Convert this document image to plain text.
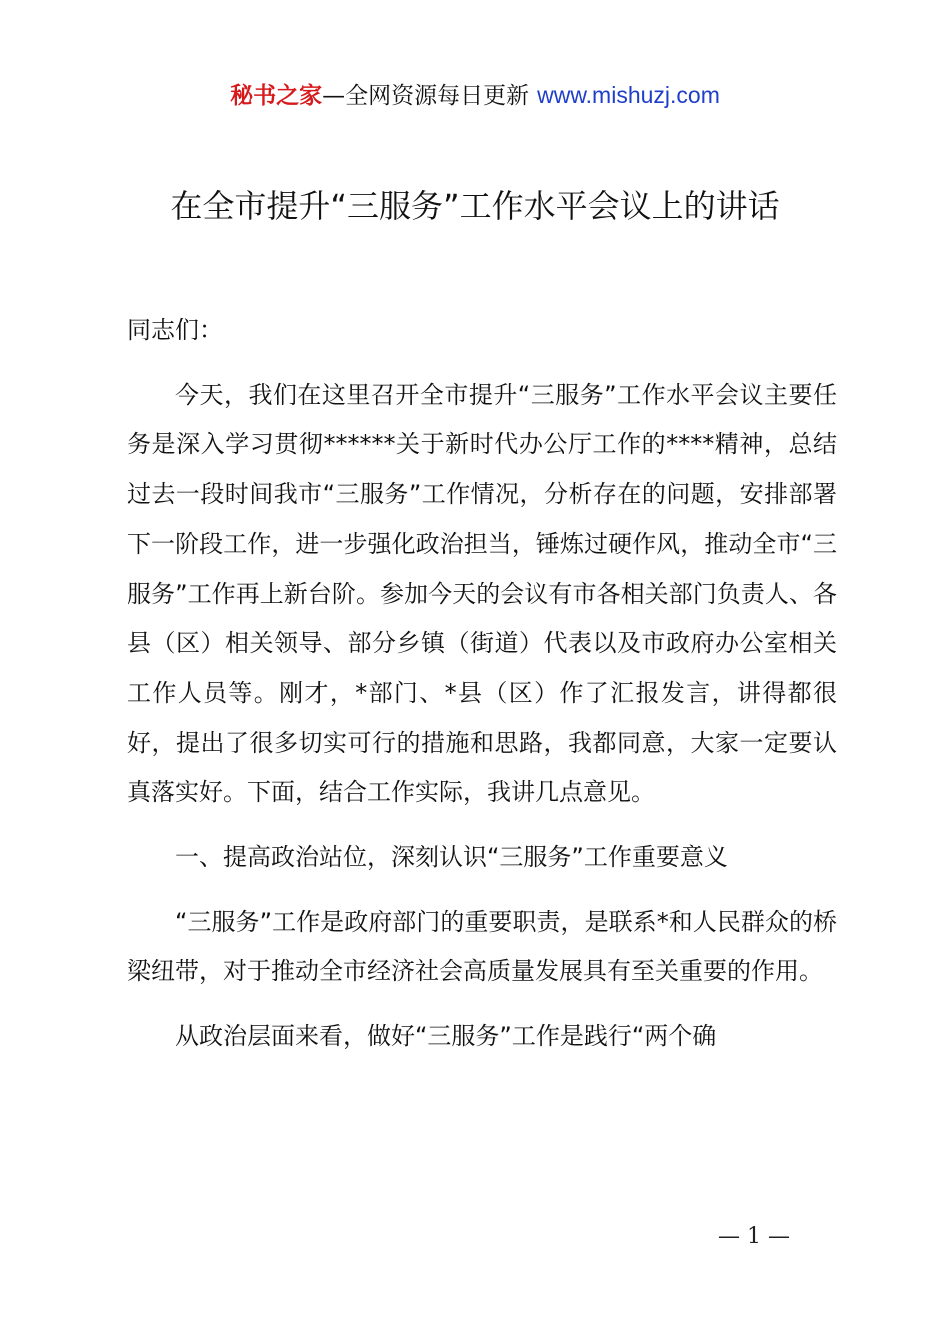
秘书之家—全网资源每日更新 www.mishuzj.com
在全市提升“三服务”工作水平会议上的讲话

同志们：

今天，我们在这里召开全市提升“三服务”工作水平会议主要任务是深入学习贯彻******关于新时代办公厅工作的****精神，总结过去一段时间我市“三服务”工作情况，分析存在的问题，安排部署下一阶段工作，进一步强化政治担当，锤炼过硬作风，推动全市“三服务”工作再上新台阶。参加今天的会议有市各相关部门负责人、各县（区）相关领导、部分乡镇（街道）代表以及市政府办公室相关工作人员等。刚才，*部门、*县（区）作了汇报发言，讲得都很好，提出了很多切实可行的措施和思路，我都同意，大家一定要认真落实好。下面，结合工作实际，我讲几点意见。

一、提高政治站位，深刻认识“三服务”工作重要意义

“三服务”工作是政府部门的重要职责，是联系*和人民群众的桥梁纽带，对于推动全市经济社会高质量发展具有至关重要的作用。

从政治层面来看，做好“三服务”工作是践行“两个确

— 1 —
